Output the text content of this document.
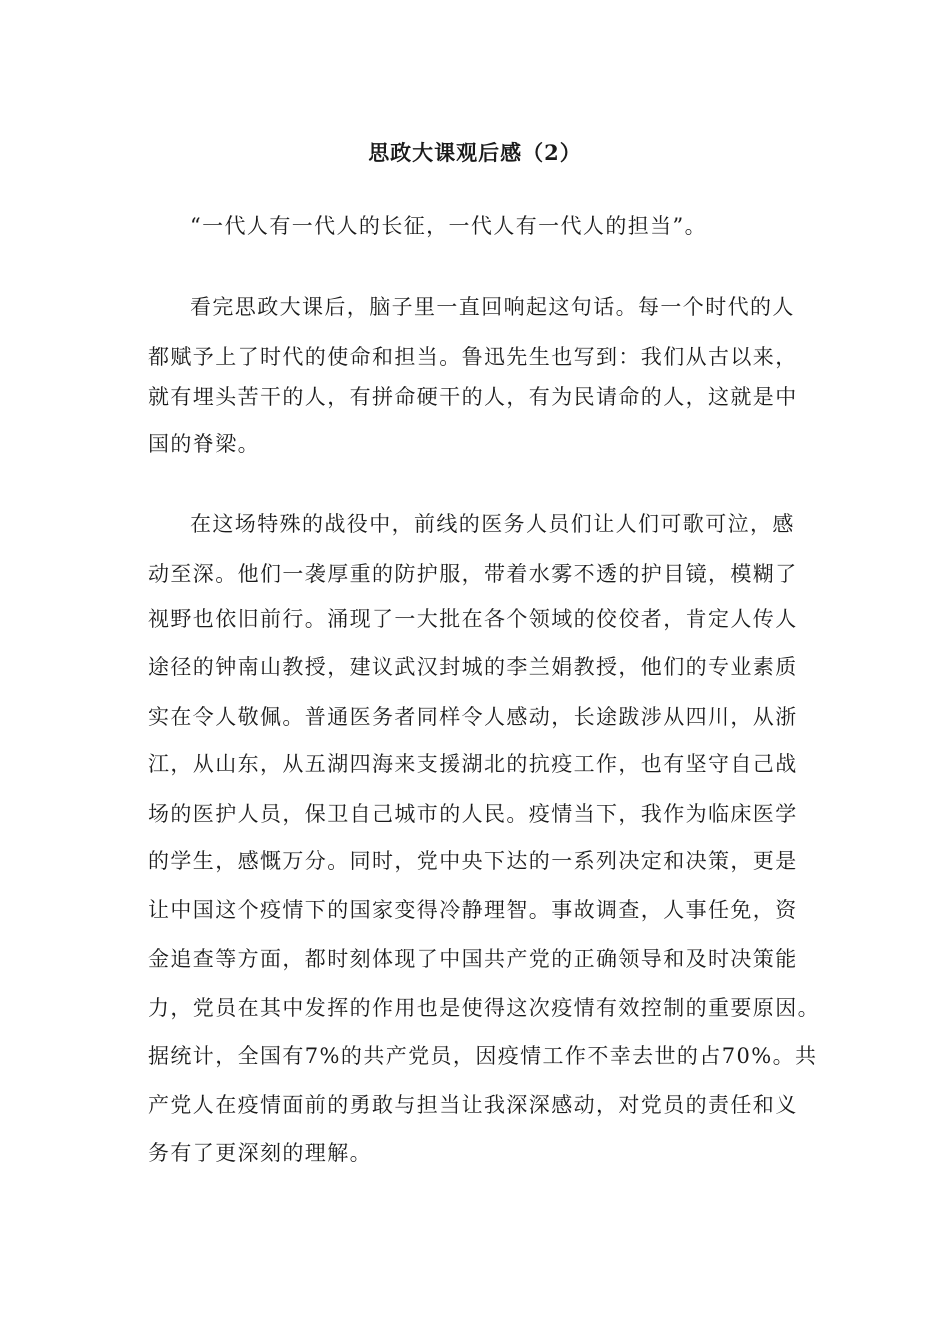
思政大课观后感（2）
“一代人有一代人的长征，一代人有一代人的担当”。
看完思政大课后，脑子里一直回响起这句话。每一个时代的人
都赋予上了时代的使命和担当。鲁迅先生也写到：我们从古以来，
就有埋头苦干的人，有拼命硬干的人，有为民请命的人，这就是中
国的脊梁。
在这场特殊的战役中，前线的医务人员们让人们可歌可泣，感
动至深。他们一袭厚重的防护服，带着水雾不透的护目镜，模糊了
视野也依旧前行。涌现了一大批在各个领域的佼佼者，肯定人传人
途径的钟南山教授，建议武汉封城的李兰娟教授，他们的专业素质
实在令人敬佩。普通医务者同样令人感动，长途跋涉从四川，从浙
江，从山东，从五湖四海来支援湖北的抗疫工作，也有坚守自己战
场的医护人员，保卫自己城市的人民。疫情当下，我作为临床医学
的学生，感慨万分。同时，党中央下达的一系列决定和决策，更是
让中国这个疫情下的国家变得冷静理智。事故调查，人事任免，资
金追查等方面，都时刻体现了中国共产党的正确领导和及时决策能
力，党员在其中发挥的作用也是使得这次疫情有效控制的重要原因。
据统计，全国有7%的共产党员，因疫情工作不幸去世的占70%。共
产党人在疫情面前的勇敢与担当让我深深感动，对党员的责任和义
务有了更深刻的理解。
